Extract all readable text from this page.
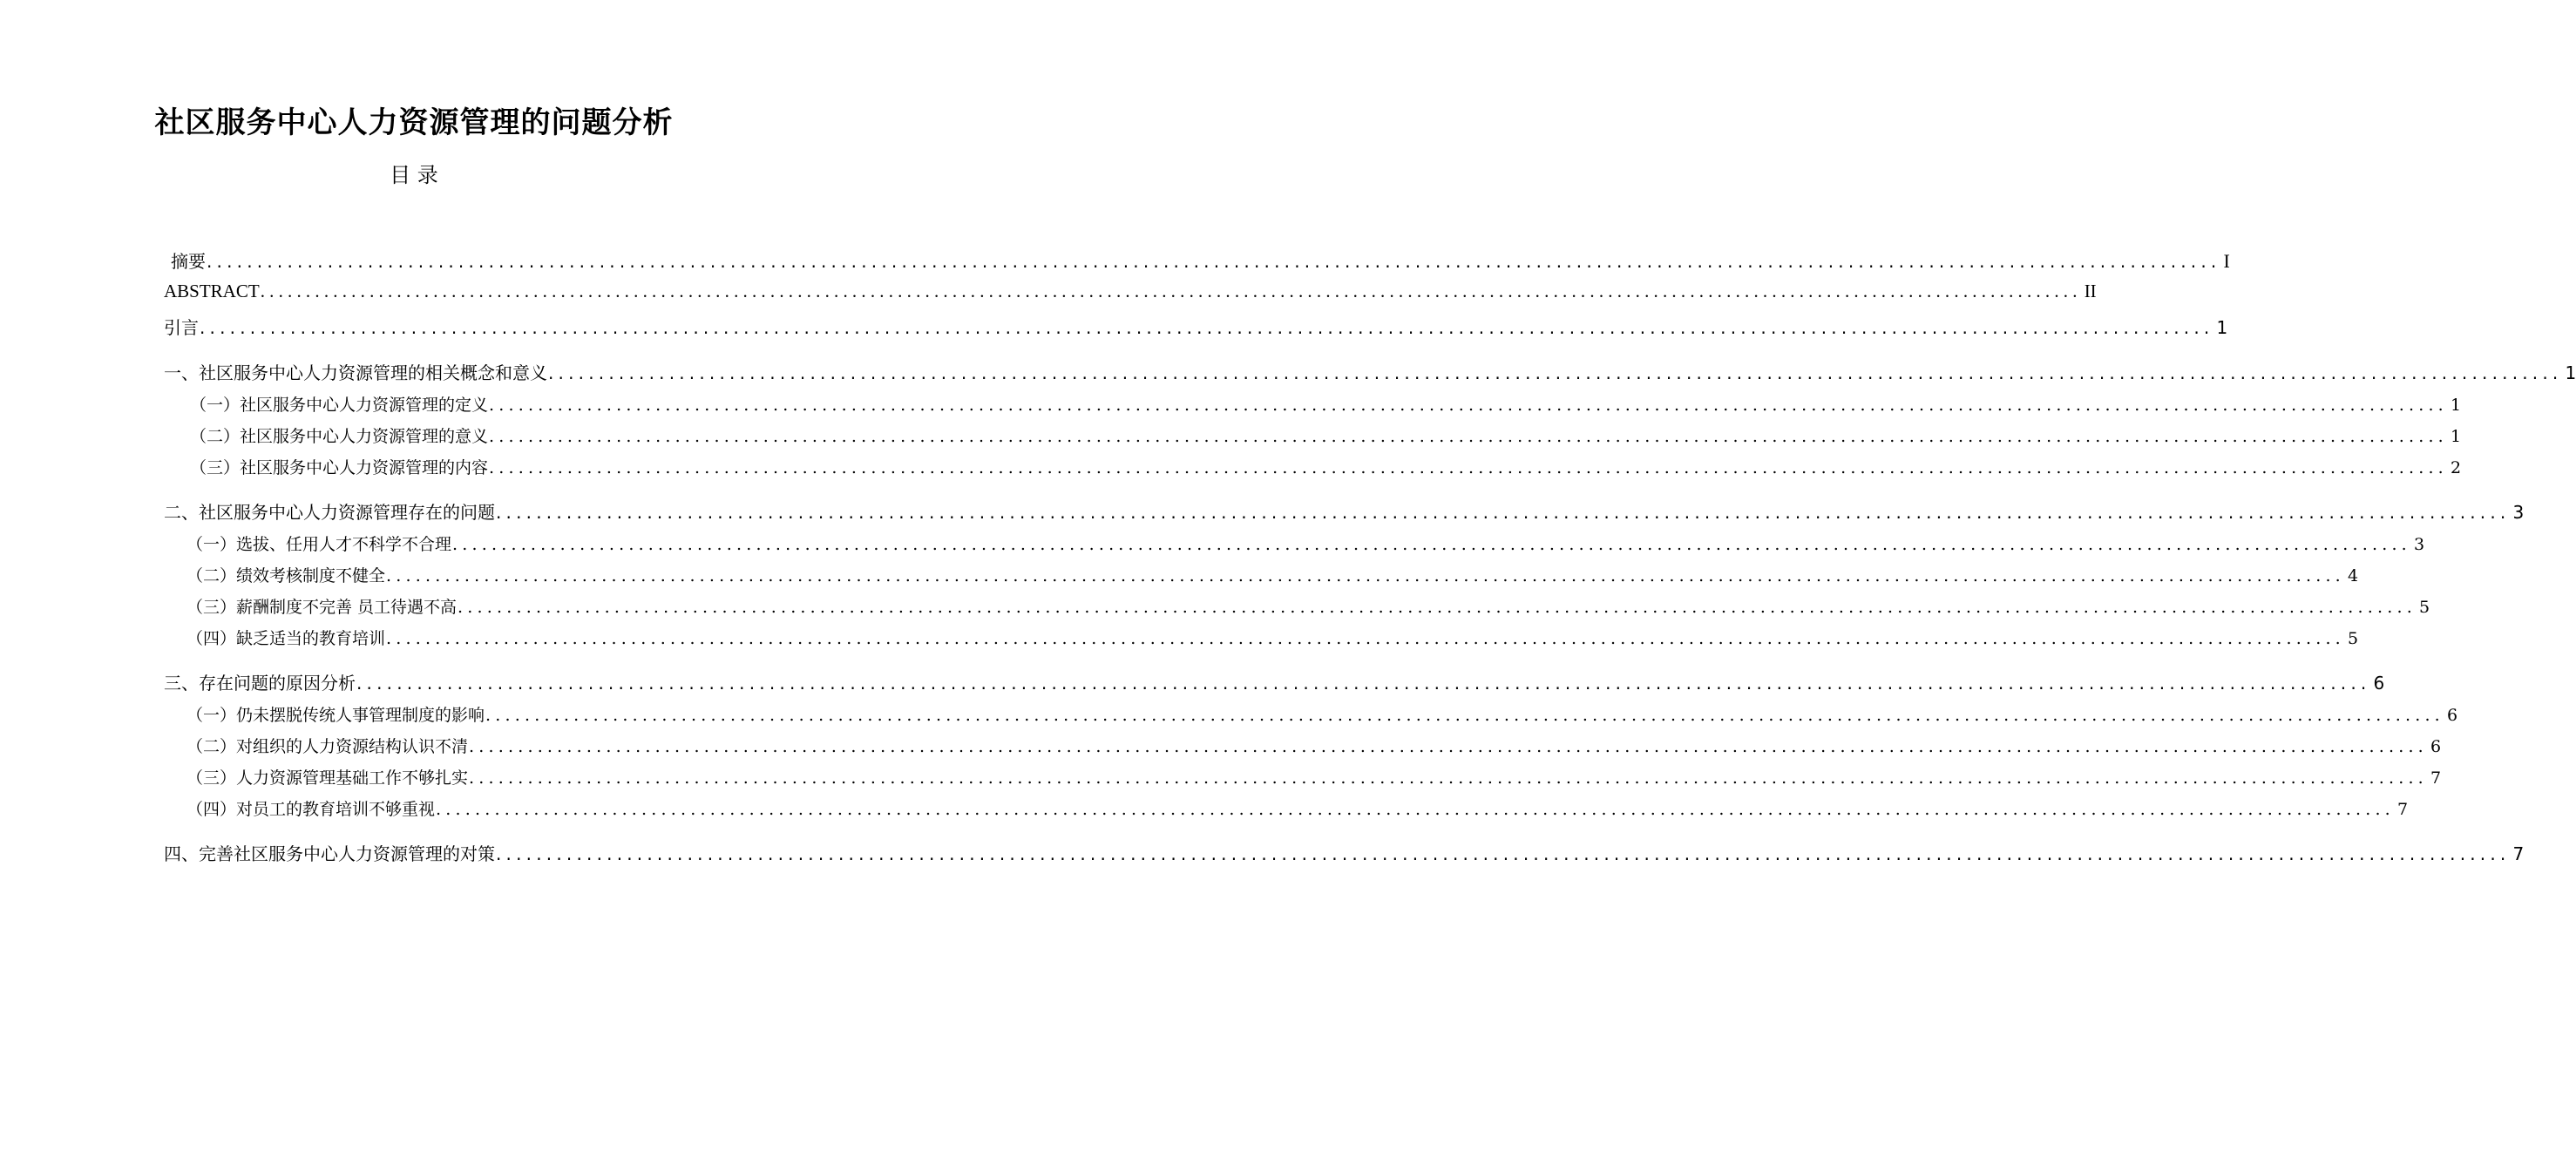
社区服务中心人力资源管理的问题分析
目 录
摘要 ........................................................................................................................................................................................................ I
ABSTRACT ........................................................................................................................................................................................................ II
引言 ........................................................................................................................................................................................................ 1
一、社区服务中心人力资源管理的相关概念和意义 ........................................................................................................................................................................................................ 1
（一）社区服务中心人力资源管理的定义 ........................................................................................................................................................................................................ 1
（二）社区服务中心人力资源管理的意义 ........................................................................................................................................................................................................ 1
（三）社区服务中心人力资源管理的内容 ........................................................................................................................................................................................................ 2
二、社区服务中心人力资源管理存在的问题 ........................................................................................................................................................................................................ 3
（一）选拔、任用人才不科学不合理 ........................................................................................................................................................................................................ 3
（二）绩效考核制度不健全 ........................................................................................................................................................................................................ 4
（三）薪酬制度不完善 员工待遇不高 ........................................................................................................................................................................................................ 5
（四）缺乏适当的教育培训 ........................................................................................................................................................................................................ 5
三、存在问题的原因分析 ........................................................................................................................................................................................................ 6
（一）仍未摆脱传统人事管理制度的影响 ........................................................................................................................................................................................................ 6
（二）对组织的人力资源结构认识不清 ........................................................................................................................................................................................................ 6
（三）人力资源管理基础工作不够扎实 ........................................................................................................................................................................................................ 7
（四）对员工的教育培训不够重视 ........................................................................................................................................................................................................ 7
四、完善社区服务中心人力资源管理的对策 ........................................................................................................................................................................................................ 7
